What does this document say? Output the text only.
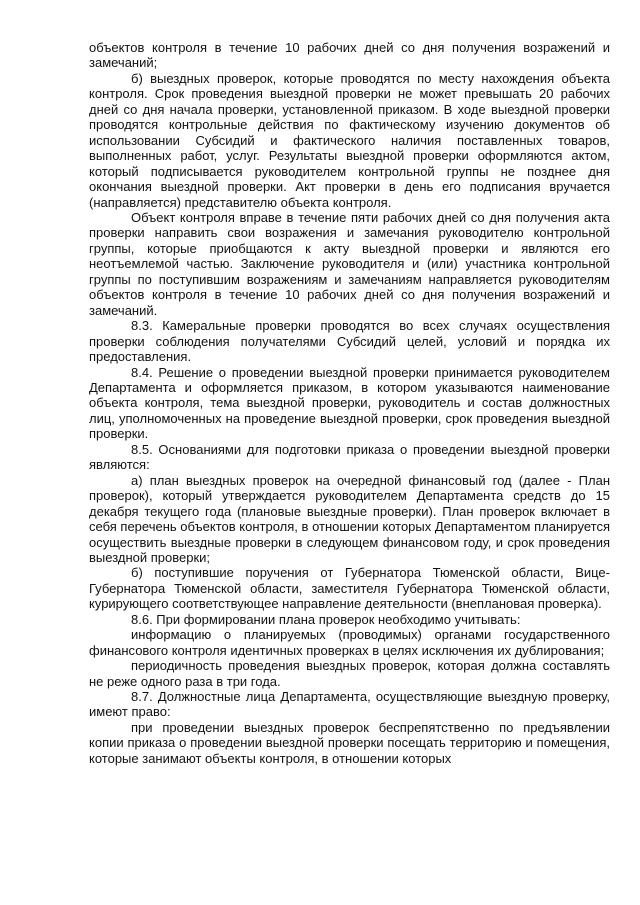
объектов контроля в течение 10 рабочих дней со дня получения возражений и замечаний;

б) выездных проверок, которые проводятся по месту нахождения объекта контроля. Срок проведения выездной проверки не может превышать 20 рабочих дней со дня начала проверки, установленной приказом. В ходе выездной проверки проводятся контрольные действия по фактическому изучению документов об использовании Субсидий и фактического наличия поставленных товаров, выполненных работ, услуг. Результаты выездной проверки оформляются актом, который подписывается руководителем контрольной группы не позднее дня окончания выездной проверки. Акт проверки в день его подписания вручается (направляется) представителю объекта контроля.

Объект контроля вправе в течение пяти рабочих дней со дня получения акта проверки направить свои возражения и замечания руководителю контрольной группы, которые приобщаются к акту выездной проверки и являются его неотъемлемой частью. Заключение руководителя и (или) участника контрольной группы по поступившим возражениям и замечаниям направляется руководителям объектов контроля в течение 10 рабочих дней со дня получения возражений и замечаний.

8.3. Камеральные проверки проводятся во всех случаях осуществления проверки соблюдения получателями Субсидий целей, условий и порядка их предоставления.

8.4. Решение о проведении выездной проверки принимается руководителем Департамента и оформляется приказом, в котором указываются наименование объекта контроля, тема выездной проверки, руководитель и состав должностных лиц, уполномоченных на проведение выездной проверки, срок проведения выездной проверки.

8.5. Основаниями для подготовки приказа о проведении выездной проверки являются:

а) план выездных проверок на очередной финансовый год (далее - План проверок), который утверждается руководителем Департамента средств до 15 декабря текущего года (плановые выездные проверки). План проверок включает в себя перечень объектов контроля, в отношении которых Департаментом планируется осуществить выездные проверки в следующем финансовом году, и срок проведения выездной проверки;

б) поступившие поручения от Губернатора Тюменской области, Вице-Губернатора Тюменской области, заместителя Губернатора Тюменской области, курирующего соответствующее направление деятельности (внеплановая проверка).

8.6. При формировании плана проверок необходимо учитывать:

информацию о планируемых (проводимых) органами государственного финансового контроля идентичных проверках в целях исключения их дублирования;

периодичность проведения выездных проверок, которая должна составлять не реже одного раза в три года.

8.7. Должностные лица Департамента, осуществляющие выездную проверку, имеют право:

при проведении выездных проверок беспрепятственно по предъявлении копии приказа о проведении выездной проверки посещать территорию и помещения, которые занимают объекты контроля, в отношении которых
